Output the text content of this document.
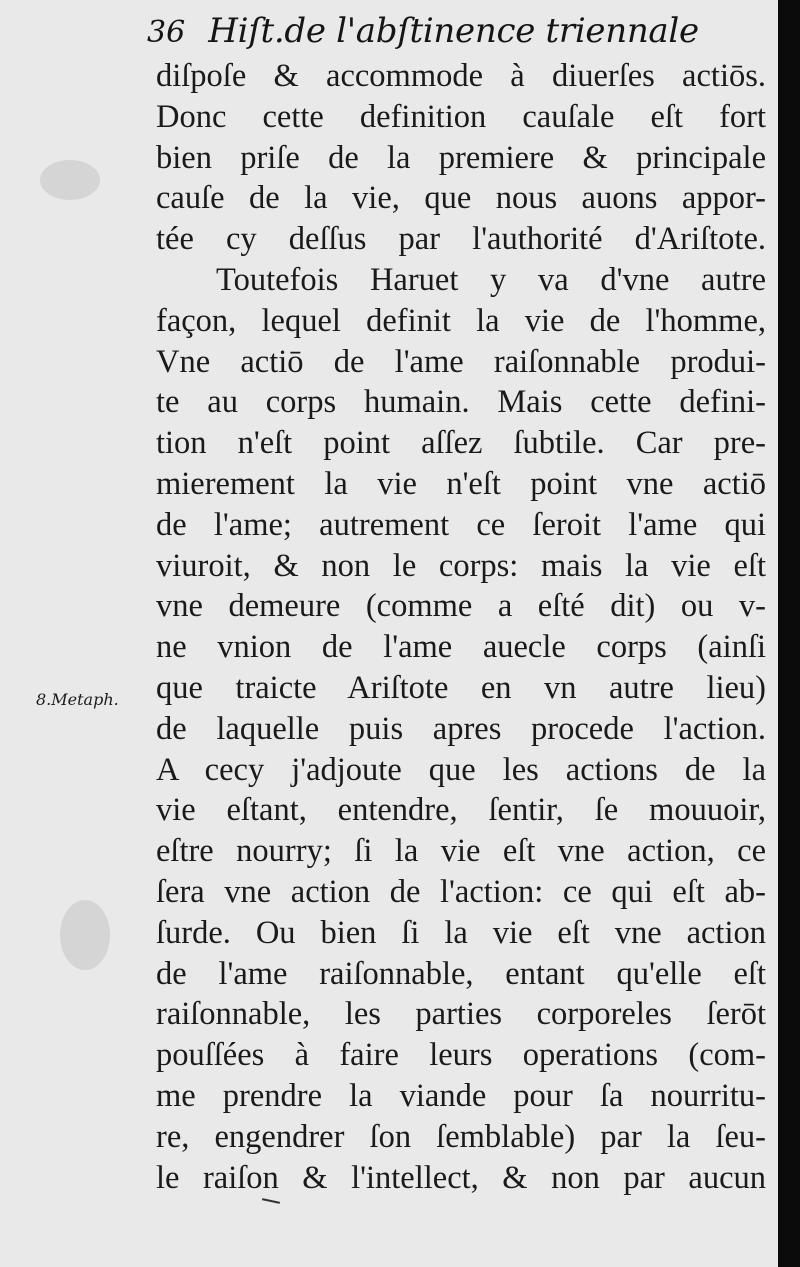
36 Hiſt.de l'abſtinence triennale
8.Metaph.
diſpoſe & accommode à diuerſes actiōs.
Donc cette definition cauſale eſt fort
bien priſe de la premiere & principale
cauſe de la vie, que nous auons appor-
tée cy deſſus par l'authorité d'Ariſtote.
Toutefois Haruet y va d'vne autre
façon, lequel definit la vie de l'homme,
Vne actiō de l'ame raiſonnable produi-
te au corps humain. Mais cette defini-
tion n'eſt point aſſez ſubtile. Car pre-
mierement la vie n'eſt point vne actiō
de l'ame; autrement ce ſeroit l'ame qui
viuroit, & non le corps: mais la vie eſt
vne demeure (comme a eſté dit) ou v-
ne vnion de l'ame auecle corps (ainſi
que traicte Ariſtote en vn autre lieu)
de laquelle puis apres procede l'action.
A cecy j'adjoute que les actions de la
vie eſtant, entendre, ſentir, ſe mouuoir,
eſtre nourry; ſi la vie eſt vne action, ce
ſera vne action de l'action: ce qui eſt ab-
ſurde. Ou bien ſi la vie eſt vne action
de l'ame raiſonnable, entant qu'elle eſt
raiſonnable, les parties corporeles ſerōt
pouſſées à faire leurs operations (com-
me prendre la viande pour ſa nourritu-
re, engendrer ſon ſemblable) par la ſeu-
le raiſon & l'intellect, & non par aucun
